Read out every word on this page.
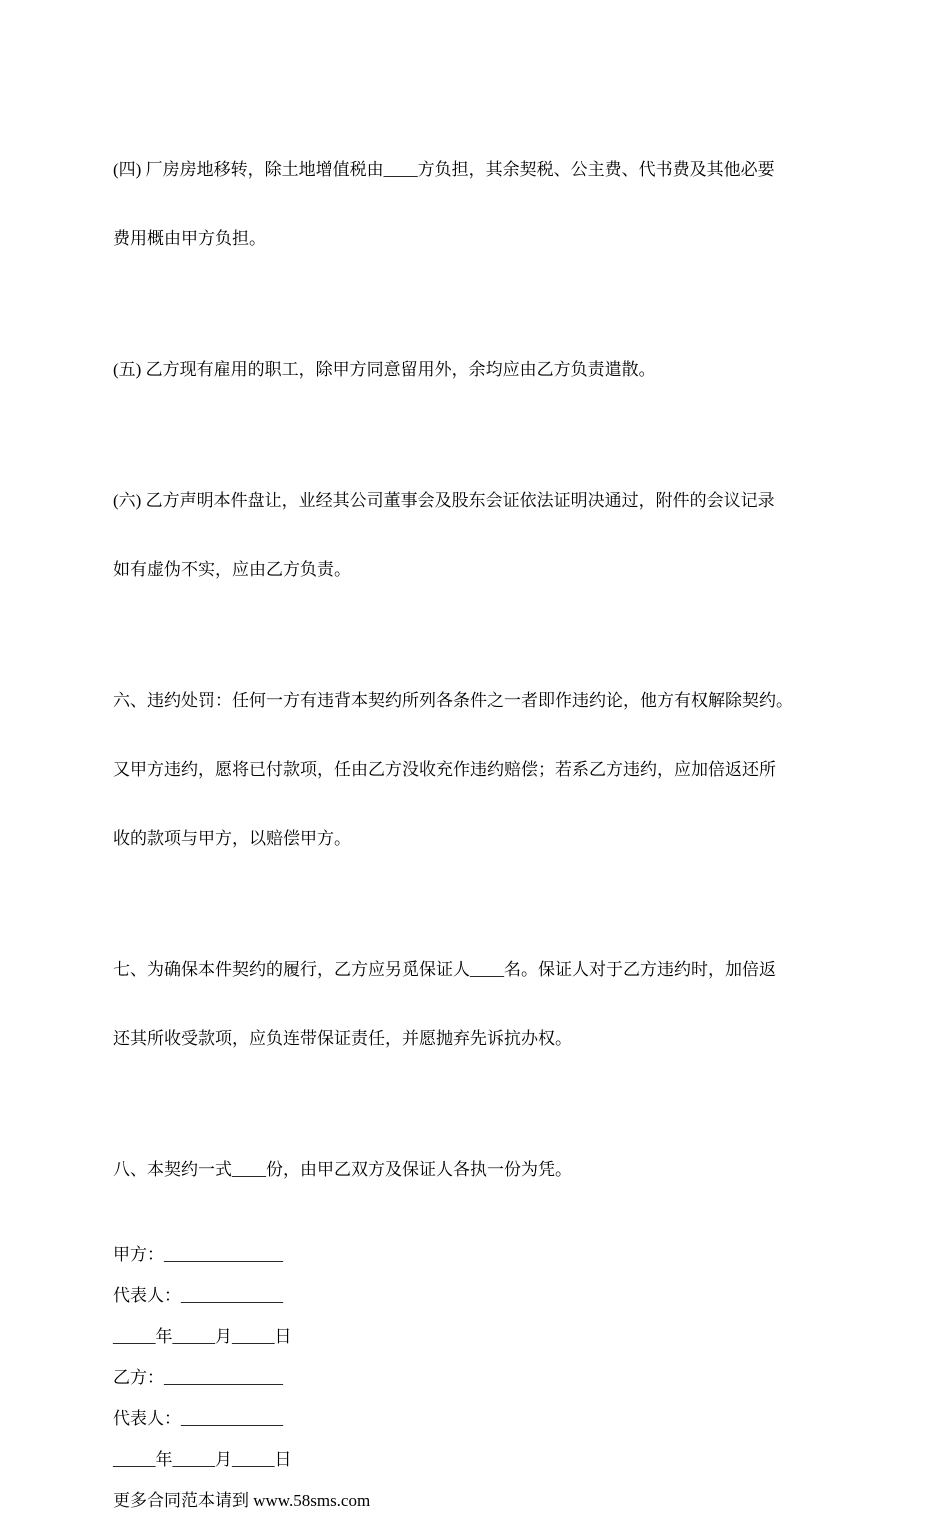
(四) 厂房房地移转，除土地增值税由____方负担，其余契税、公主费、代书费及其他必要

费用概由甲方负担。

(五) 乙方现有雇用的职工，除甲方同意留用外，余均应由乙方负责遣散。

(六) 乙方声明本件盘让，业经其公司董事会及股东会证依法证明决通过，附件的会议记录

如有虚伪不实，应由乙方负责。

六、违约处罚：任何一方有违背本契约所列各条件之一者即作违约论，他方有权解除契约。

又甲方违约，愿将已付款项，任由乙方没收充作违约赔偿；若系乙方违约，应加倍返还所

收的款项与甲方，以赔偿甲方。

七、为确保本件契约的履行，乙方应另觅保证人____名。保证人对于乙方违约时，加倍返

还其所收受款项，应负连带保证责任，并愿抛弃先诉抗办权。

八、本契约一式____份，由甲乙双方及保证人各执一份为凭。

甲方：______________

代表人：____________

_____年_____月_____日

乙方：______________

代表人：____________

_____年_____月_____日

更多合同范本请到 www.58sms.com
